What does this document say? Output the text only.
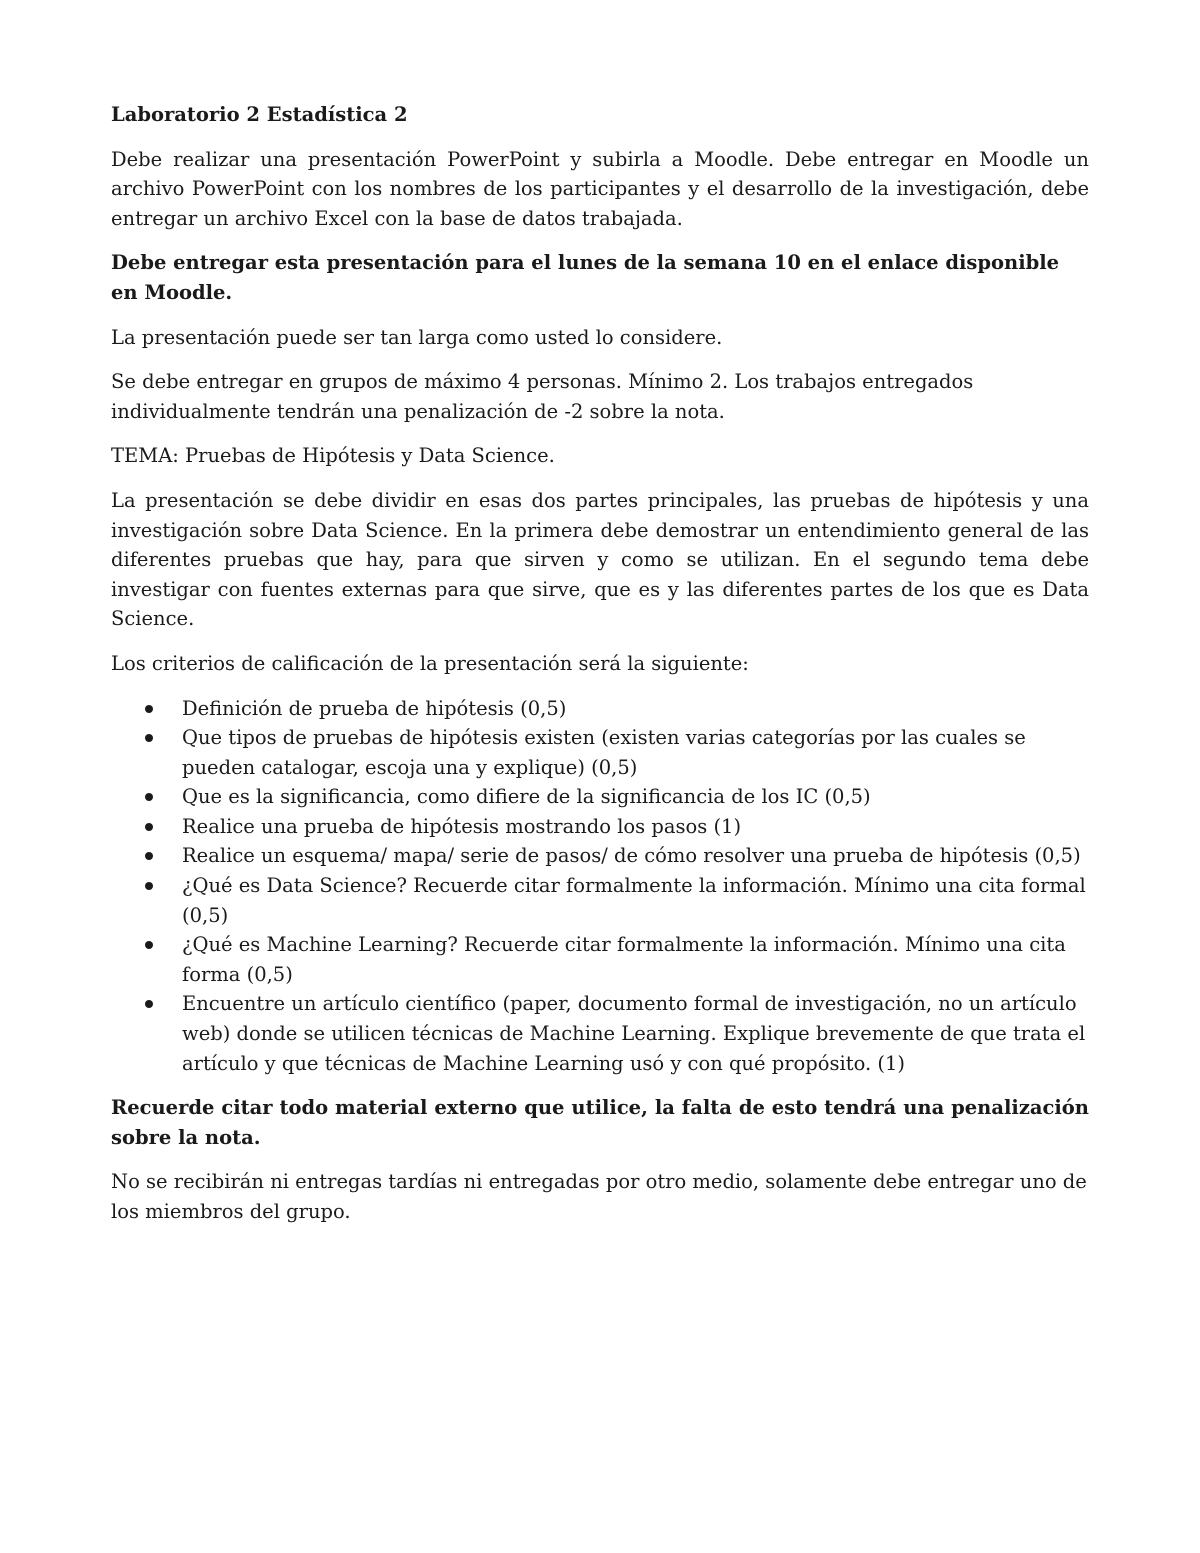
Laboratorio 2 Estadística 2

Debe realizar una presentación PowerPoint y subirla a Moodle. Debe entregar en Moodle un archivo PowerPoint con los nombres de los participantes y el desarrollo de la investigación, debe entregar un archivo Excel con la base de datos trabajada.

Debe entregar esta presentación para el lunes de la semana 10 en el enlace disponible en Moodle.

La presentación puede ser tan larga como usted lo considere.

Se debe entregar en grupos de máximo 4 personas. Mínimo 2. Los trabajos entregados individualmente tendrán una penalización de -2 sobre la nota.

TEMA: Pruebas de Hipótesis y Data Science.

La presentación se debe dividir en esas dos partes principales, las pruebas de hipótesis y una investigación sobre Data Science. En la primera debe demostrar un entendimiento general de las diferentes pruebas que hay, para que sirven y como se utilizan. En el segundo tema debe investigar con fuentes externas para que sirve, que es y las diferentes partes de los que es Data Science.

Los criterios de calificación de la presentación será la siguiente:

Definición de prueba de hipótesis (0,5)
Que tipos de pruebas de hipótesis existen (existen varias categorías por las cuales se pueden catalogar, escoja una y explique) (0,5)
Que es la significancia, como difiere de la significancia de los IC (0,5)
Realice una prueba de hipótesis mostrando los pasos (1)
Realice un esquema/ mapa/ serie de pasos/ de cómo resolver una prueba de hipótesis (0,5)
¿Qué es Data Science? Recuerde citar formalmente la información. Mínimo una cita formal (0,5)
¿Qué es Machine Learning? Recuerde citar formalmente la información. Mínimo una cita forma (0,5)
Encuentre un artículo científico (paper, documento formal de investigación, no un artículo web) donde se utilicen técnicas de Machine Learning. Explique brevemente de que trata el artículo y que técnicas de Machine Learning usó y con qué propósito. (1)

Recuerde citar todo material externo que utilice, la falta de esto tendrá una penalización sobre la nota.

No se recibirán ni entregas tardías ni entregadas por otro medio, solamente debe entregar uno de los miembros del grupo.
